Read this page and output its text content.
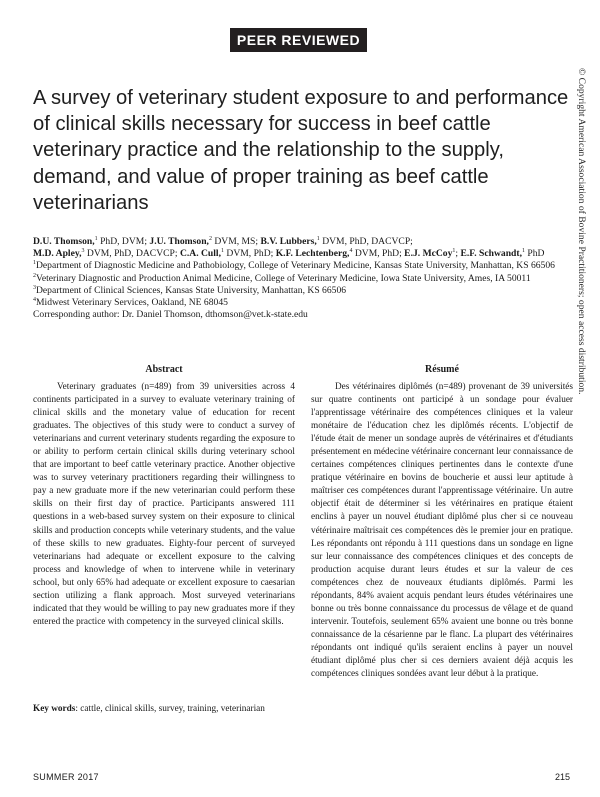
PEER REVIEWED
A survey of veterinary student exposure to and performance of clinical skills necessary for success in beef cattle veterinary practice and the relationship to the supply, demand, and value of proper training as beef cattle veterinarians
D.U. Thomson,$^1$ PhD, DVM; J.U. Thomson,$^2$ DVM, MS; B.V. Lubbers,$^1$ DVM, PhD, DACVCP;
M.D. Apley,$^3$ DVM, PhD, DACVCP; C.A. Cull,$^1$ DVM, PhD; K.F. Lechtenberg,$^4$ DVM, PhD; E.J. McCoy$^1$; E.F. Schwandt,$^1$ PhD
$^1$Department of Diagnostic Medicine and Pathobiology, College of Veterinary Medicine, Kansas State University, Manhattan, KS 66506
$^2$Veterinary Diagnostic and Production Animal Medicine, College of Veterinary Medicine, Iowa State University, Ames, IA 50011
$^3$Department of Clinical Sciences, Kansas State University, Manhattan, KS 66506
$^4$Midwest Veterinary Services, Oakland, NE 68045
Corresponding author: Dr. Daniel Thomson, dthomson@vet.k-state.edu
Abstract	Résumé

Veterinary graduates (n=489) from 39 universities across 4 continents participated in a survey to evaluate veterinary training of clinical skills and the monetary value of education for recent graduates. The objectives of this study were to conduct a survey of veterinarians and current veterinary students regarding the exposure to or ability to perform certain clinical skills during veterinary school that are important to beef cattle veterinary practice. Another objective was to survey veterinary practitioners regarding their willingness to pay a new graduate more if the new veterinarian could perform these skills on their first day of practice. Participants answered 111 questions in a web-based survey system on their exposure to clinical skills and production concepts while veterinary students, and the value of these skills to new graduates. Eighty-four percent of surveyed veterinarians had adequate or excellent exposure to the calving process and knowledge of when to intervene while in veterinary school, but only 65% had adequate or excellent exposure to caesarian section utilizing a flank approach. Most surveyed veterinarians indicated that they would be willing to pay new graduates more if they entered the practice with competency in the surveyed clinical skills.

Key words: cattle, clinical skills, survey, training, veterinarian

Des vétérinaires diplômés (n=489) provenant de 39 universités sur quatre continents ont participé à un sondage pour évaluer l'apprentissage vétérinaire des compétences cliniques et la valeur monétaire de l'éducation chez les diplômés récents. L'objectif de l'étude était de mener un sondage auprès de vétérinaires et d'étudiants présentement en médecine vétérinaire concernant leur connaissance de certaines compétences cliniques pertinentes dans le contexte d'une pratique vétérinaire en bovins de boucherie et aussi leur aptitude à maîtriser ces compétences durant l'apprentissage vétérinaire. Un autre objectif était de déterminer si les vétérinaires en pratique étaient enclins à payer un nouvel étudiant diplômé plus cher si ce nouveau vétérinaire maîtrisait ces compétences dès le premier jour en pratique. Les répondants ont répondu à 111 questions dans un sondage en ligne sur leur connaissance des compétences cliniques et des concepts de production acquise durant leurs études et sur la valeur de ces compétences chez de nouveaux étudiants diplômés. Parmi les répondants, 84% avaient acquis pendant leurs études vétérinaires une bonne ou très bonne connaissance du processus de vêlage et de quand intervenir. Toutefois, seulement 65% avaient une bonne ou très bonne connaissance de la césarienne par le flanc. La plupart des vétérinaires répondants ont indiqué qu'ils seraient enclins à payer un nouvel étudiant diplômé plus cher si ces derniers avaient déjà acquis les compétences cliniques sondées avant leur début à la pratique.

SUMMER 2017	215
© Copyright American Association of Bovine Practitioners; open access distribution.
